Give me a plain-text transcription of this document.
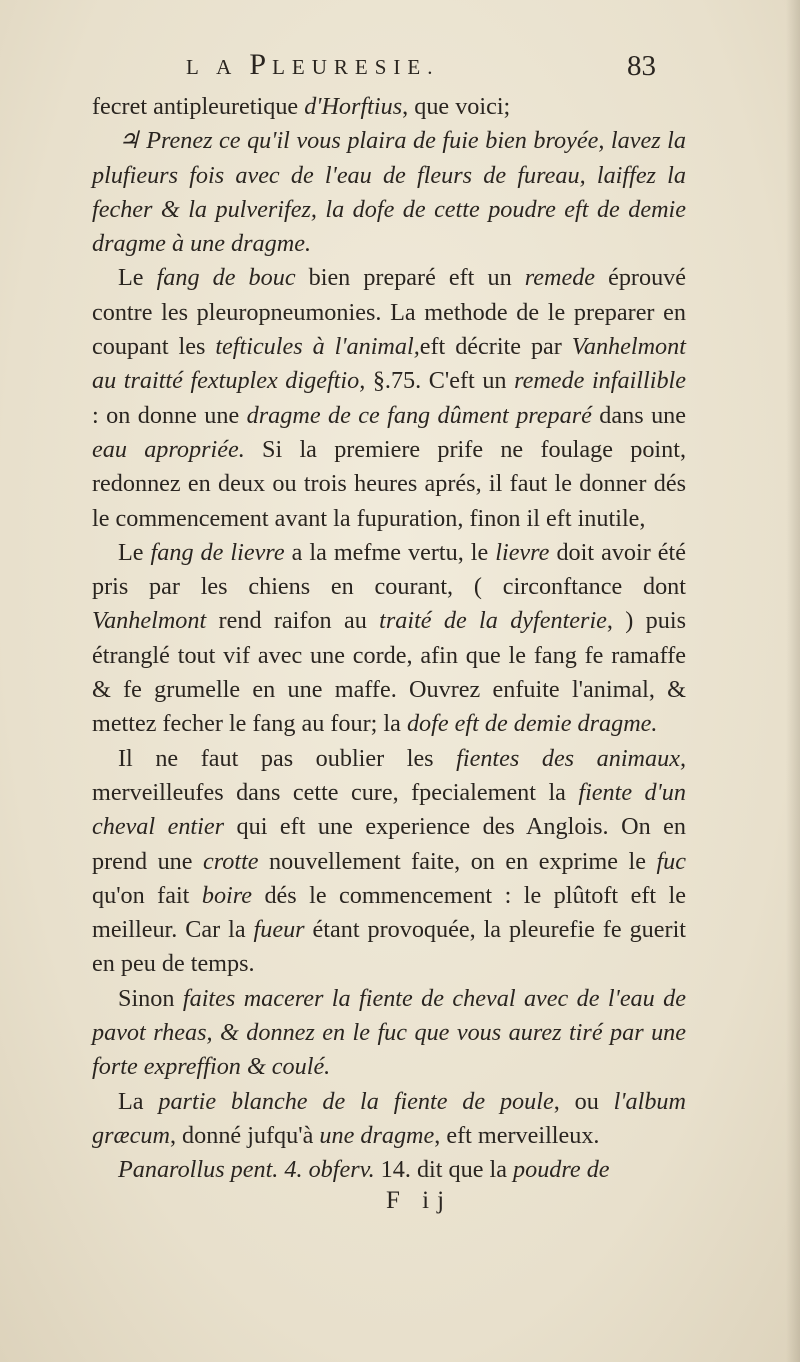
L A PLEURESIE.	83

fecret antipleuretique d'Horftius, que voici;

♃ Prenez ce qu'il vous plaira de fuie bien broyée, lavez la plufieurs fois avec de l'eau de fleurs de fureau, laiffez la fecher & la pulverifez, la dofe de cette poudre eft de demie dragme à une dragme.

Le fang de bouc bien preparé eft un remede éprouvé contre les pleuropneumonies. La methode de le preparer en coupant les tefticules à l'animal,eft décrite par Vanhelmont au traitté fextuplex digeftio, §.75. C'eft un remede infaillible : on donne une dragme de ce fang dûment preparé dans une eau apropriée. Si la premiere prife ne foulage point, redonnez en deux ou trois heures aprés, il faut le donner dés le commencement avant la fupuration, finon il eft inutile,

Le fang de lievre a la mefme vertu, le lievre doit avoir été pris par les chiens en courant, ( circonftance dont Vanhelmont rend raifon au traité de la dyfenterie, ) puis étranglé tout vif avec une corde, afin que le fang fe ramaffe & fe grumelle en une maffe. Ouvrez enfuite l'animal, & mettez fecher le fang au four; la dofe eft de demie dragme.

Il ne faut pas oublier les fientes des animaux, merveilleufes dans cette cure, fpecialement la fiente d'un cheval entier qui eft une experience des Anglois. On en prend une crotte nouvellement faite, on en exprime le fuc qu'on fait boire dés le commencement : le plûtoft eft le meilleur. Car la fueur étant provoquée, la pleurefie fe guerit en peu de temps.

Sinon faites macerer la fiente de cheval avec de l'eau de pavot rheas, & donnez en le fuc que vous aurez tiré par une forte expreffion & coulé.

La partie blanche de la fiente de poule, ou l'album græcum, donné jufqu'à une dragme, eft merveilleux.

Panarollus pent. 4. obferv. 14. dit que la poudre de

F ij
